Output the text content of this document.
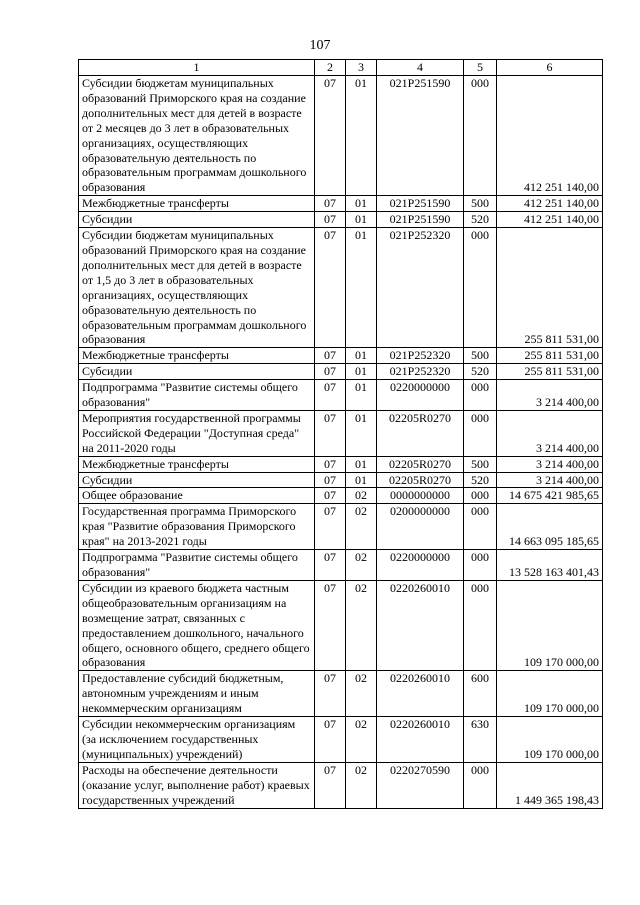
107
1	2	3	4	5	6
Субсидии бюджетам муниципальных образований Приморского края на создание дополнительных мест для детей в возрасте от 2 месяцев до 3 лет в образовательных организациях, осуществляющих образовательную деятельность по образовательным программам дошкольного образования	07	01	021P251590	000	412 251 140,00
Межбюджетные трансферты	07	01	021P251590	500	412 251 140,00
Субсидии	07	01	021P251590	520	412 251 140,00
Субсидии бюджетам муниципальных образований Приморского края на создание дополнительных мест для детей в возрасте от 1,5 до 3 лет в образовательных организациях, осуществляющих образовательную деятельность по образовательным программам дошкольного образования	07	01	021P252320	000	255 811 531,00
Межбюджетные трансферты	07	01	021P252320	500	255 811 531,00
Субсидии	07	01	021P252320	520	255 811 531,00
Подпрограмма "Развитие системы общего образования"	07	01	0220000000	000	3 214 400,00
Мероприятия государственной программы Российской Федерации "Доступная среда" на 2011-2020 годы	07	01	02205R0270	000	3 214 400,00
Межбюджетные трансферты	07	01	02205R0270	500	3 214 400,00
Субсидии	07	01	02205R0270	520	3 214 400,00
Общее образование	07	02	0000000000	000	14 675 421 985,65
Государственная программа Приморского края "Развитие образования Приморского края" на 2013-2021 годы	07	02	0200000000	000	14 663 095 185,65
Подпрограмма "Развитие системы общего образования"	07	02	0220000000	000	13 528 163 401,43
Субсидии из краевого бюджета частным общеобразовательным организациям на возмещение затрат, связанных с предоставлением дошкольного, начального общего, основного общего, среднего общего образования	07	02	0220260010	000	109 170 000,00
Предоставление субсидий бюджетным, автономным учреждениям и иным некоммерческим организациям	07	02	0220260010	600	109 170 000,00
Субсидии некоммерческим организациям (за исключением государственных (муниципальных) учреждений)	07	02	0220260010	630	109 170 000,00
Расходы на обеспечение деятельности (оказание услуг, выполнение работ) краевых государственных учреждений	07	02	0220270590	000	1 449 365 198,43
